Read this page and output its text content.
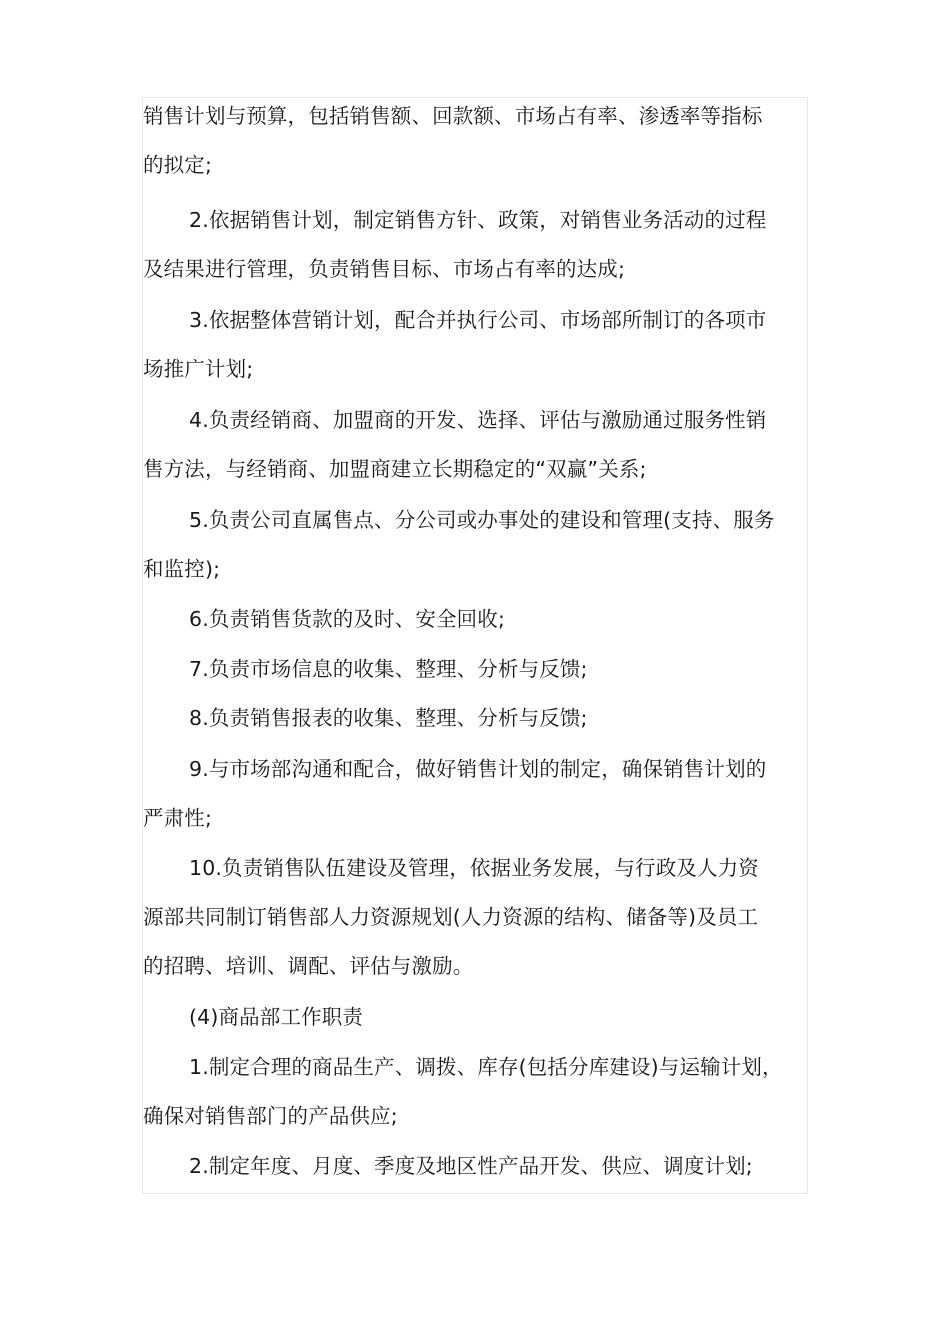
销售计划与预算，包括销售额、回款额、市场占有率、渗透率等指标
的拟定;

2.依据销售计划，制定销售方针、政策，对销售业务活动的过程
及结果进行管理，负责销售目标、市场占有率的达成;

3.依据整体营销计划，配合并执行公司、市场部所制订的各项市
场推广计划;

4.负责经销商、加盟商的开发、选择、评估与激励通过服务性销
售方法，与经销商、加盟商建立长期稳定的“双赢”关系;

5.负责公司直属售点、分公司或办事处的建设和管理(支持、服务
和监控);

6.负责销售货款的及时、安全回收;

7.负责市场信息的收集、整理、分析与反馈;

8.负责销售报表的收集、整理、分析与反馈;

9.与市场部沟通和配合，做好销售计划的制定，确保销售计划的
严肃性;

10.负责销售队伍建设及管理，依据业务发展，与行政及人力资
源部共同制订销售部人力资源规划(人力资源的结构、储备等)及员工
的招聘、培训、调配、评估与激励。

(4)商品部工作职责

1.制定合理的商品生产、调拨、库存(包括分库建设)与运输计划，
确保对销售部门的产品供应;

2.制定年度、月度、季度及地区性产品开发、供应、调度计划;
